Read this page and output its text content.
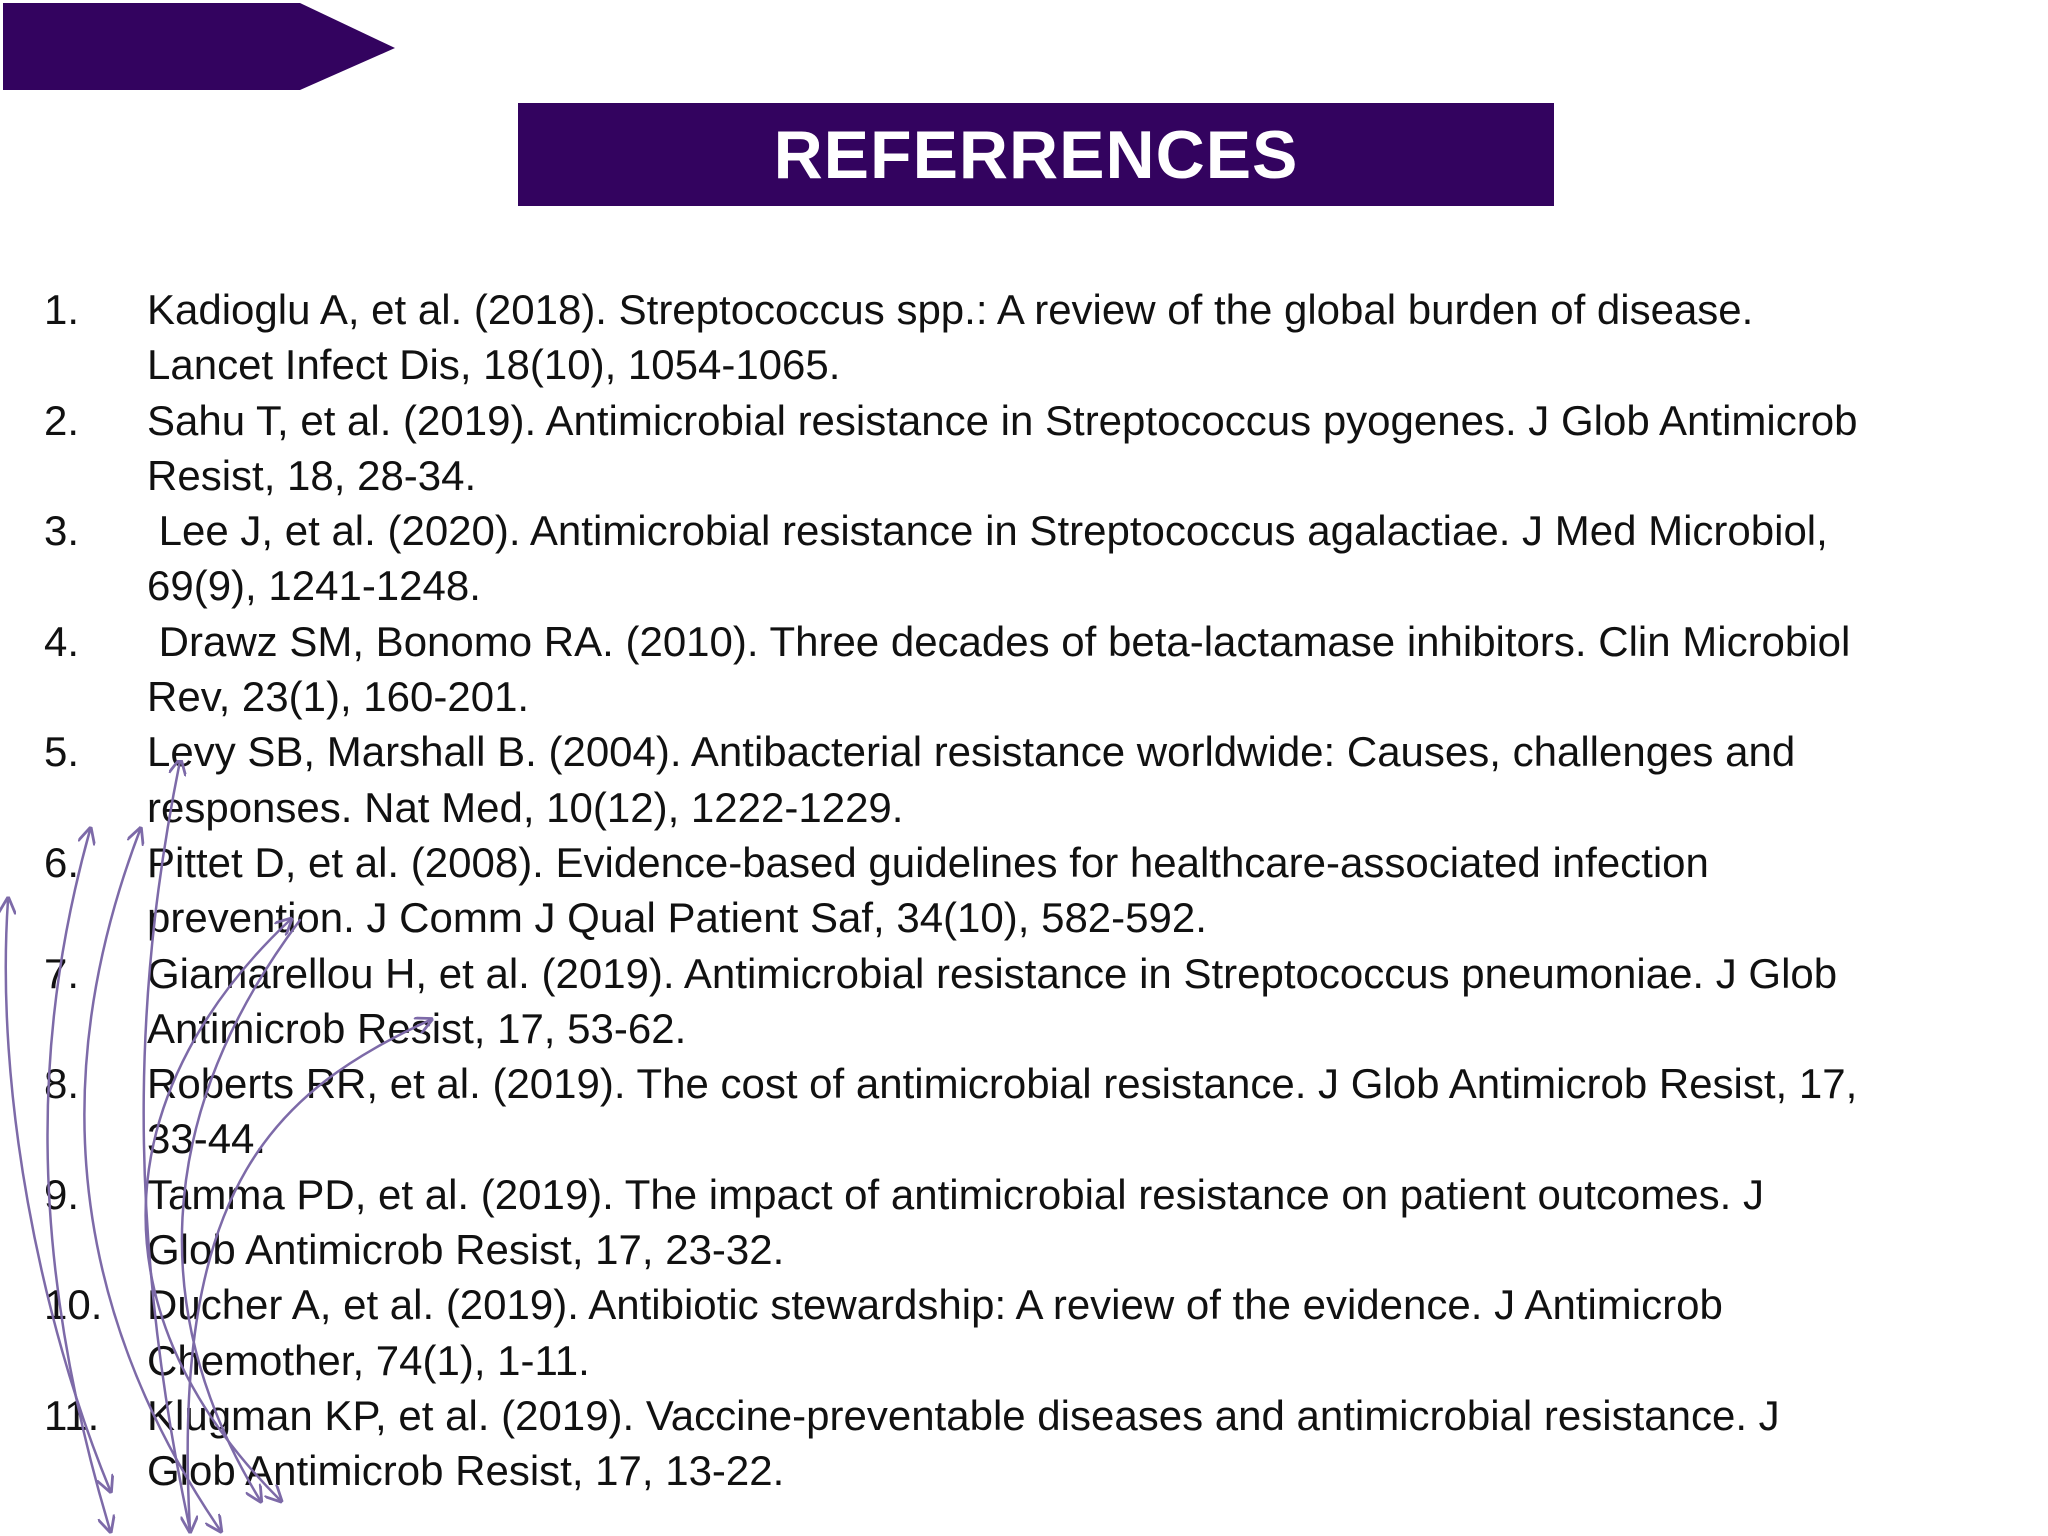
REFERRENCES
1.	Kadioglu A, et al. (2018). Streptococcus spp.: A review of the global burden of disease.
Lancet Infect Dis, 18(10), 1054-1065.
2.	Sahu T, et al. (2019). Antimicrobial resistance in Streptococcus pyogenes. J Glob Antimicrob
Resist, 18, 28-34.
3.	Lee J, et al. (2020). Antimicrobial resistance in Streptococcus agalactiae. J Med Microbiol,
69(9), 1241-1248.
4.	Drawz SM, Bonomo RA. (2010). Three decades of beta-lactamase inhibitors. Clin Microbiol
Rev, 23(1), 160-201.
5.	Levy SB, Marshall B. (2004). Antibacterial resistance worldwide: Causes, challenges and
responses. Nat Med, 10(12), 1222-1229.
6.	Pittet D, et al. (2008). Evidence-based guidelines for healthcare-associated infection
prevention. J Comm J Qual Patient Saf, 34(10), 582-592.
7.	Giamarellou H, et al. (2019). Antimicrobial resistance in Streptococcus pneumoniae. J Glob
Antimicrob Resist, 17, 53-62.
8.	Roberts RR, et al. (2019). The cost of antimicrobial resistance. J Glob Antimicrob Resist, 17,
33-44.
9.	Tamma PD, et al. (2019). The impact of antimicrobial resistance on patient outcomes. J
Glob Antimicrob Resist, 17, 23-32.
10.	Ducher A, et al. (2019). Antibiotic stewardship: A review of the evidence. J Antimicrob
Chemother, 74(1), 1-11.
11.	Klugman KP, et al. (2019). Vaccine-preventable diseases and antimicrobial resistance. J
Glob Antimicrob Resist, 17, 13-22.
